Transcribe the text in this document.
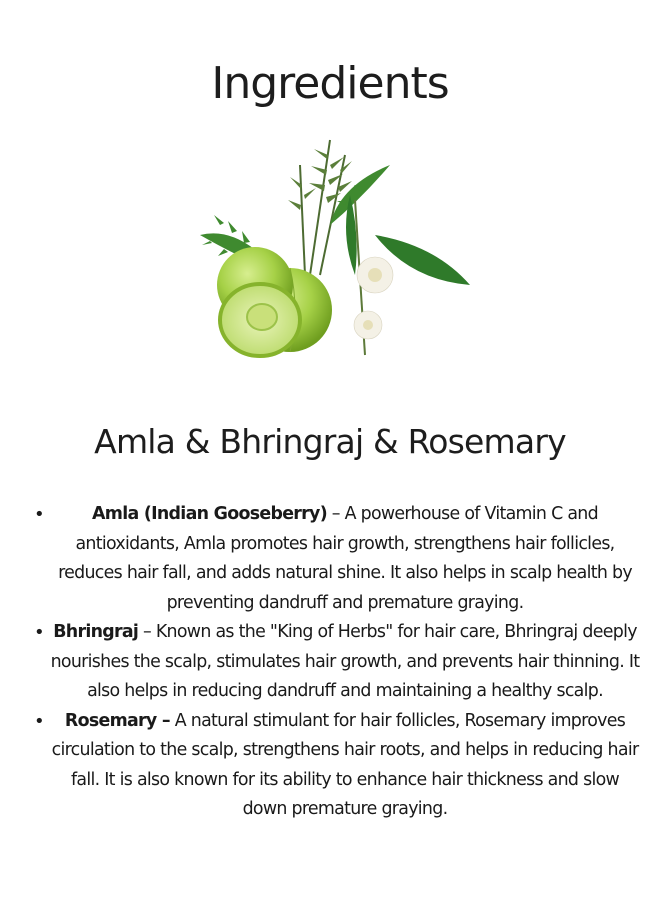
Ingredients
Amla & Bhringraj & Rosemary
•	Amla (Indian Gooseberry) – A powerhouse of Vitamin C and antioxidants, Amla promotes hair growth, strengthens hair follicles, reduces hair fall, and adds natural shine. It also helps in scalp health by preventing dandruff and premature graying.
• Bhringraj – Known as the "King of Herbs" for hair care, Bhringraj deeply nourishes the scalp, stimulates hair growth, and prevents hair thinning. It also helps in reducing dandruff and maintaining a healthy scalp.
• Rosemary – A natural stimulant for hair follicles, Rosemary improves circulation to the scalp, strengthens hair roots, and helps in reducing hair fall. It is also known for its ability to enhance hair thickness and slow down premature graying.
